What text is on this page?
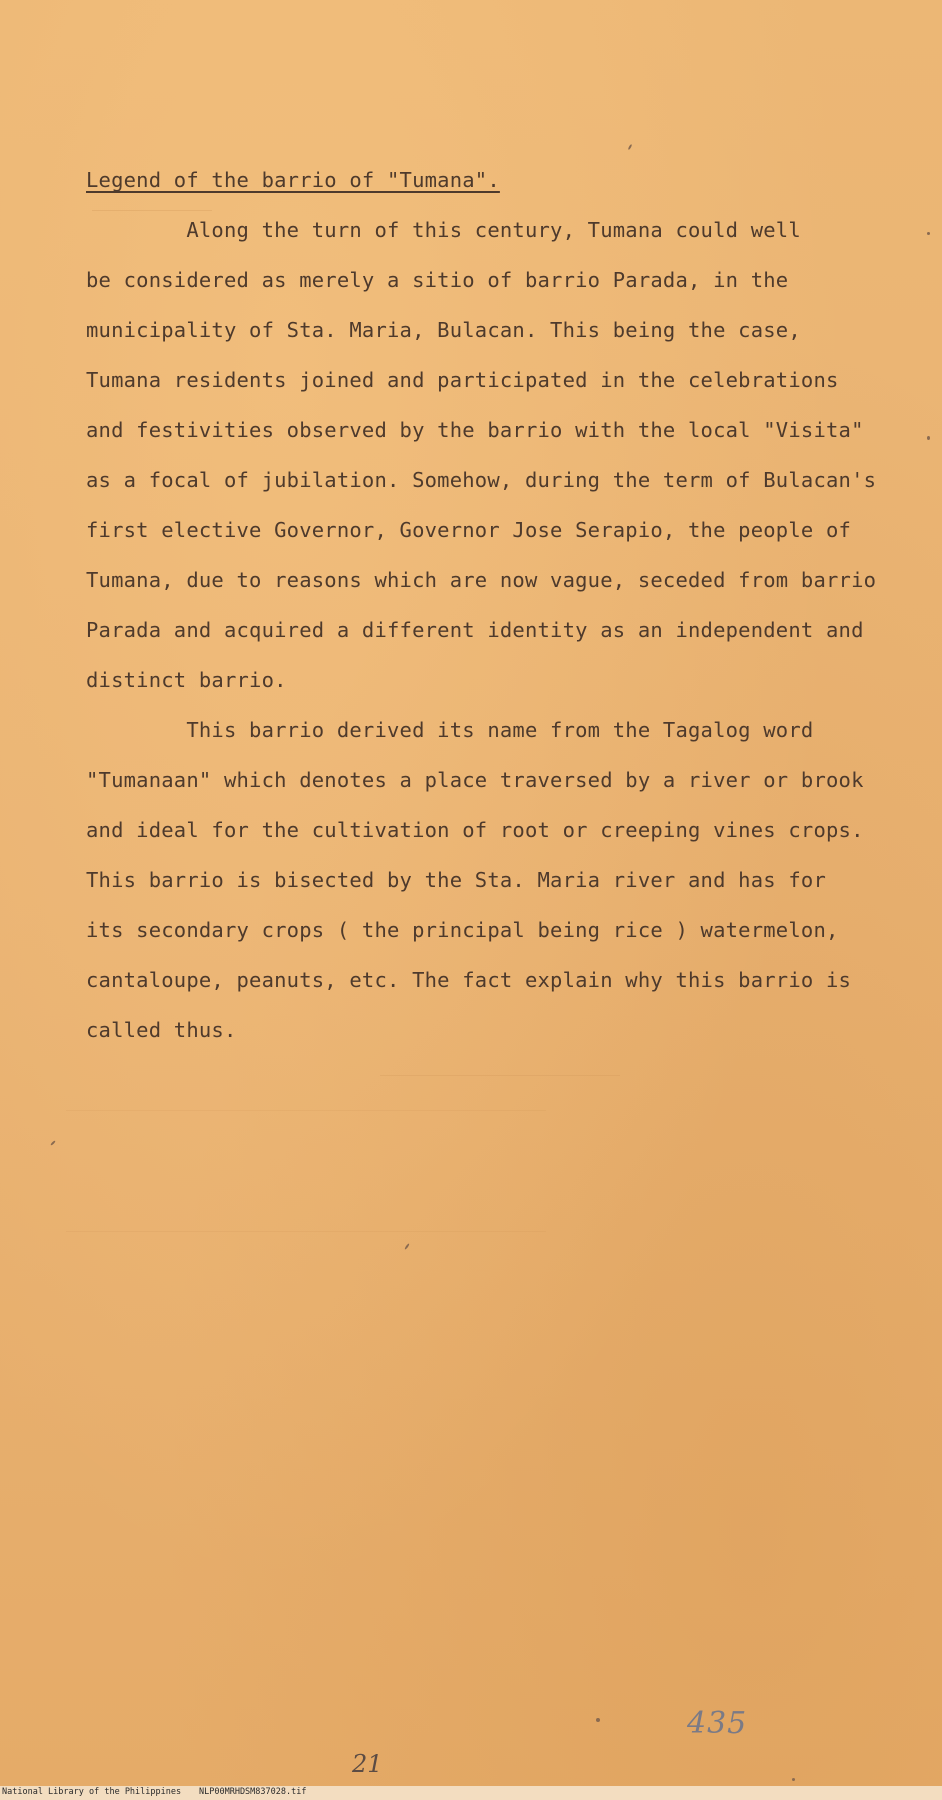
Legend of the barrio of "Tumana".
Along the turn of this century, Tumana could well
be considered as merely a sitio of barrio Parada, in the
municipality of Sta. Maria, Bulacan. This being the case,
Tumana residents joined and participated in the celebrations
and festivities observed by the barrio with the local "Visita"
as a focal of jubilation. Somehow, during the term of Bulacan's
first elective Governor, Governor Jose Serapio, the people of
Tumana, due to reasons which are now vague, seceded from barrio
Parada and acquired a different identity as an independent and
distinct barrio.
This barrio derived its name from the Tagalog word
"Tumanaan" which denotes a place traversed by a river or brook
and ideal for the cultivation of root or creeping vines crops.
This barrio is bisected by the Sta. Maria river and has for
its secondary crops ( the principal being rice ) watermelon,
cantaloupe, peanuts, etc. The fact explain why this barrio is
called thus.
435
21
National Library of the Philippines NLP00MRHDSM837028.tif
